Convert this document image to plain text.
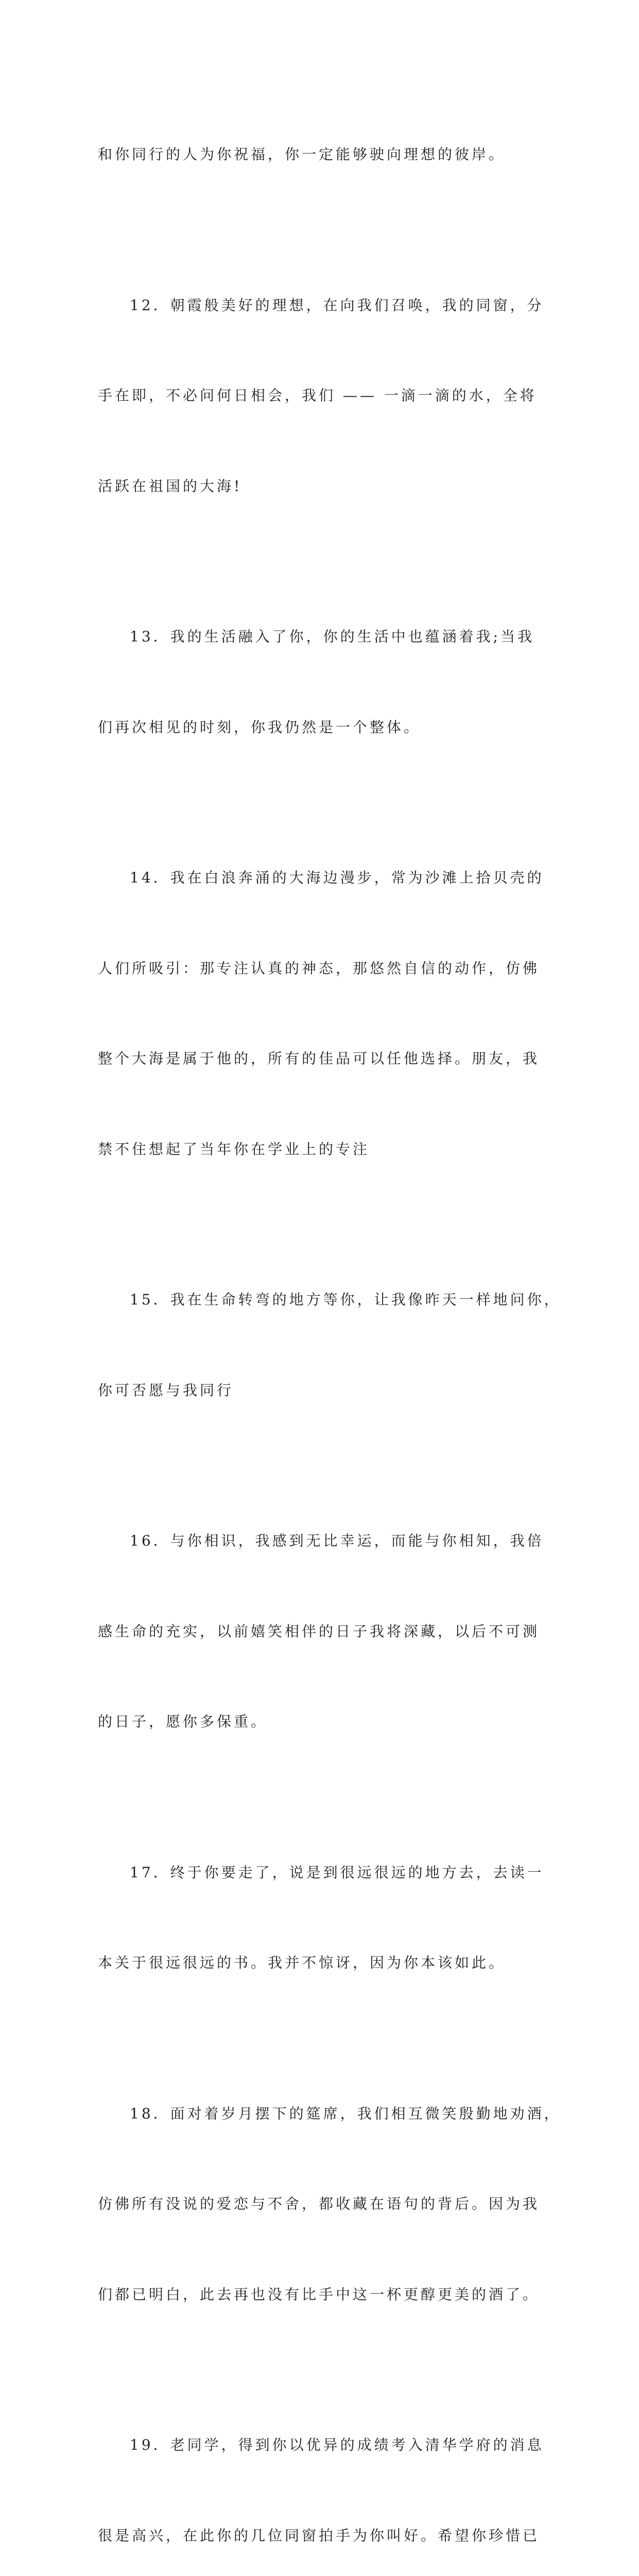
和你同行的人为你祝福，你一定能够驶向理想的彼岸。

12．朝霞般美好的理想，在向我们召唤，我的同窗，分

手在即，不必问何日相会，我们 —— 一滴一滴的水，全将

活跃在祖国的大海!

13．我的生活融入了你，你的生活中也蕴涵着我;当我

们再次相见的时刻，你我仍然是一个整体。

14．我在白浪奔涌的大海边漫步，常为沙滩上拾贝壳的

人们所吸引：那专注认真的神态，那悠然自信的动作，仿佛

整个大海是属于他的，所有的佳品可以任他选择。朋友，我

禁不住想起了当年你在学业上的专注

15．我在生命转弯的地方等你，让我像昨天一样地问你，

你可否愿与我同行

16．与你相识，我感到无比幸运，而能与你相知，我倍

感生命的充实，以前嬉笑相伴的日子我将深藏，以后不可测

的日子，愿你多保重。

17．终于你要走了，说是到很远很远的地方去，去读一

本关于很远很远的书。我并不惊讶，因为你本该如此。

18．面对着岁月摆下的筵席，我们相互微笑殷勤地劝酒，

仿佛所有没说的爱恋与不舍，都收藏在语句的背后。因为我

们都已明白，此去再也没有比手中这一杯更醇更美的酒了。

19．老同学，得到你以优异的成绩考入清华学府的消息

很是高兴，在此你的几位同窗拍手为你叫好。希望你珍惜已
